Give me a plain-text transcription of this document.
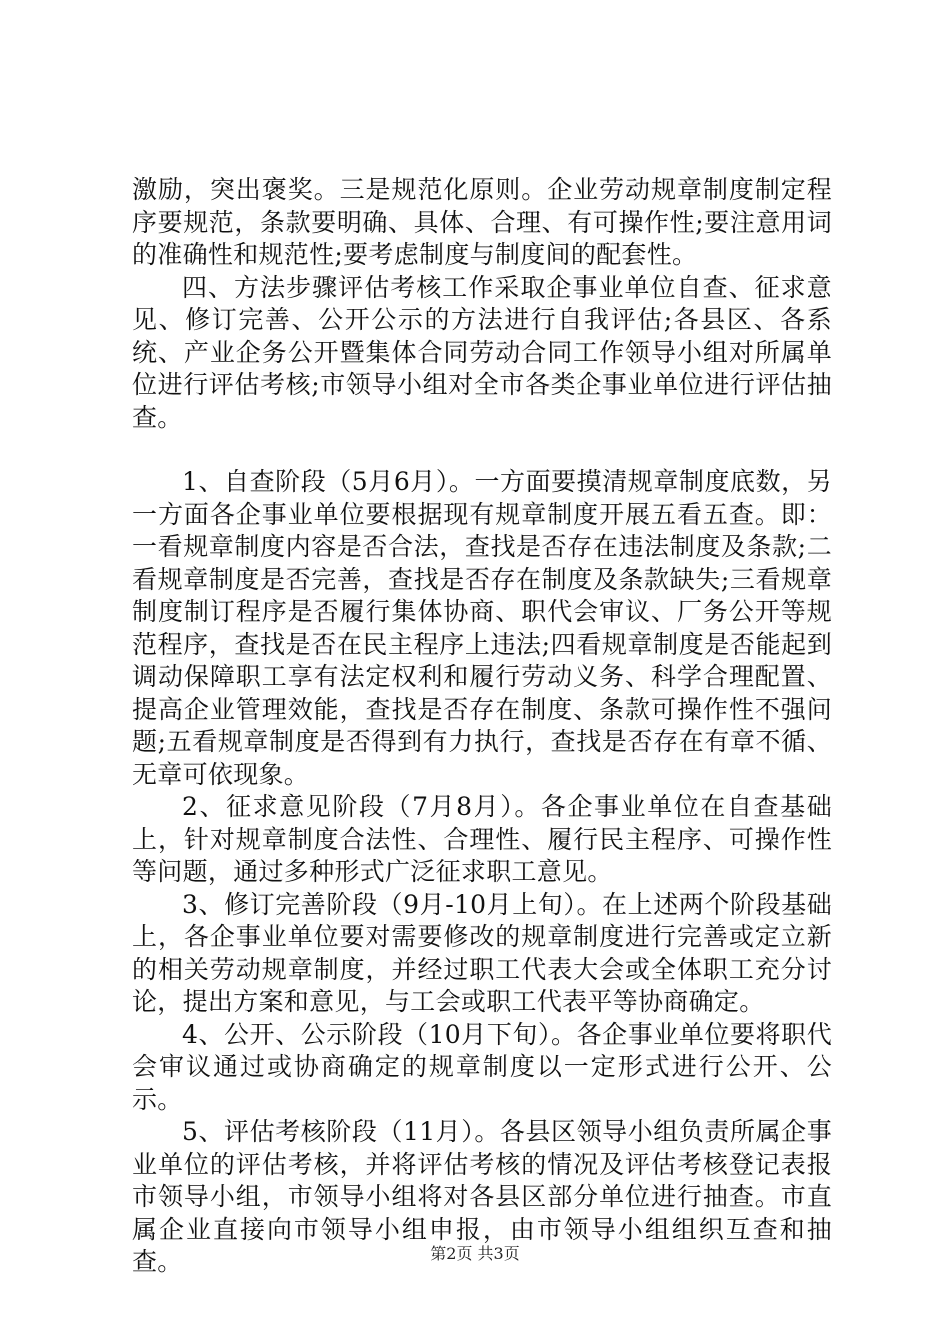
激励，突出褒奖。三是规范化原则。企业劳动规章制度制定程序要规范，条款要明确、具体、合理、有可操作性;要注意用词的准确性和规范性;要考虑制度与制度间的配套性。

四、方法步骤评估考核工作采取企事业单位自查、征求意见、修订完善、公开公示的方法进行自我评估;各县区、各系统、产业企务公开暨集体合同劳动合同工作领导小组对所属单位进行评估考核;市领导小组对全市各类企事业单位进行评估抽查。

1、自查阶段（5月6月）。一方面要摸清规章制度底数，另一方面各企事业单位要根据现有规章制度开展五看五查。即：一看规章制度内容是否合法，查找是否存在违法制度及条款;二看规章制度是否完善，查找是否存在制度及条款缺失;三看规章制度制订程序是否履行集体协商、职代会审议、厂务公开等规范程序，查找是否在民主程序上违法;四看规章制度是否能起到调动保障职工享有法定权利和履行劳动义务、科学合理配置、提高企业管理效能，查找是否存在制度、条款可操作性不强问题;五看规章制度是否得到有力执行，查找是否存在有章不循、无章可依现象。

2、征求意见阶段（7月8月）。各企事业单位在自查基础上，针对规章制度合法性、合理性、履行民主程序、可操作性等问题，通过多种形式广泛征求职工意见。

3、修订完善阶段（9月-10月上旬）。在上述两个阶段基础上，各企事业单位要对需要修改的规章制度进行完善或定立新的相关劳动规章制度，并经过职工代表大会或全体职工充分讨论，提出方案和意见，与工会或职工代表平等协商确定。

4、公开、公示阶段（10月下旬）。各企事业单位要将职代会审议通过或协商确定的规章制度以一定形式进行公开、公示。

5、评估考核阶段（11月）。各县区领导小组负责所属企事业单位的评估考核，并将评估考核的情况及评估考核登记表报市领导小组，市领导小组将对各县区部分单位进行抽查。市直属企业直接向市领导小组申报，由市领导小组组织互查和抽查。	第2页 共3页
